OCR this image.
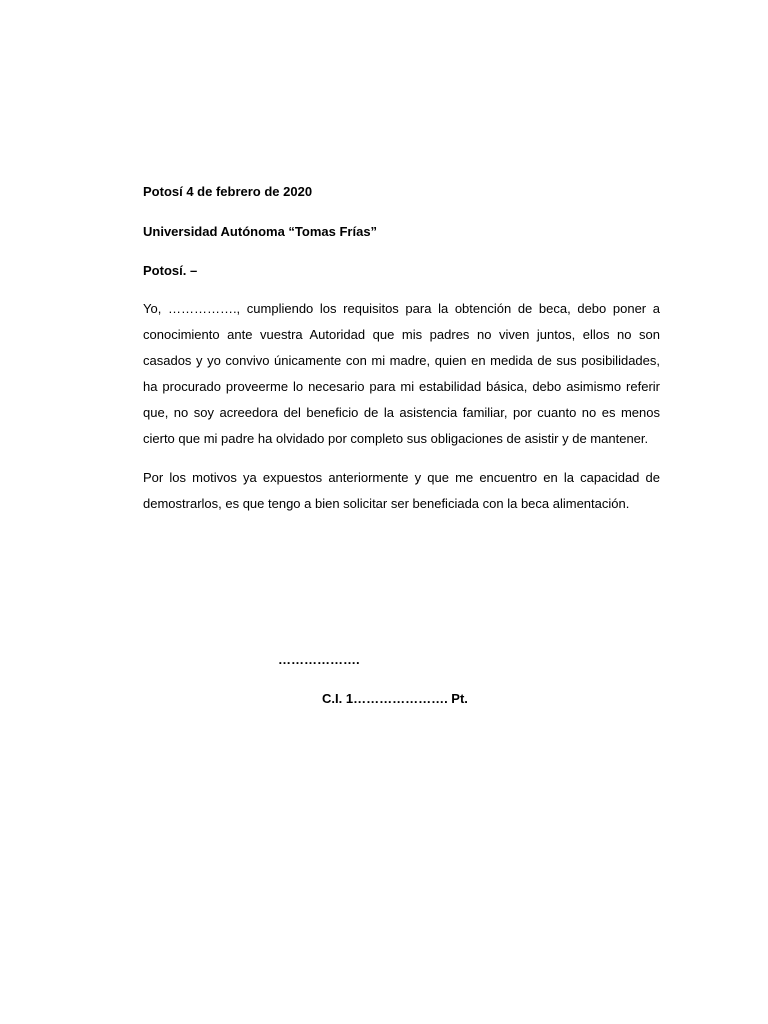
Potosí 4 de febrero de 2020
Universidad Autónoma “Tomas Frías”
Potosí. –

Yo, ……………., cumpliendo los requisitos para la obtención de beca, debo poner a conocimiento ante vuestra Autoridad que mis padres no viven juntos, ellos no son casados y yo convivo únicamente con mi madre, quien en medida de sus posibilidades, ha procurado proveerme lo necesario para mi estabilidad básica, debo asimismo referir que, no soy acreedora del beneficio de la asistencia familiar, por cuanto no es menos cierto que mi padre ha olvidado por completo sus obligaciones de asistir y de mantener.

Por los motivos ya expuestos anteriormente y que me encuentro en la capacidad de demostrarlos, es que tengo a bien solicitar ser beneficiada con la beca alimentación.

……………….
C.I. 1…………………. Pt.
